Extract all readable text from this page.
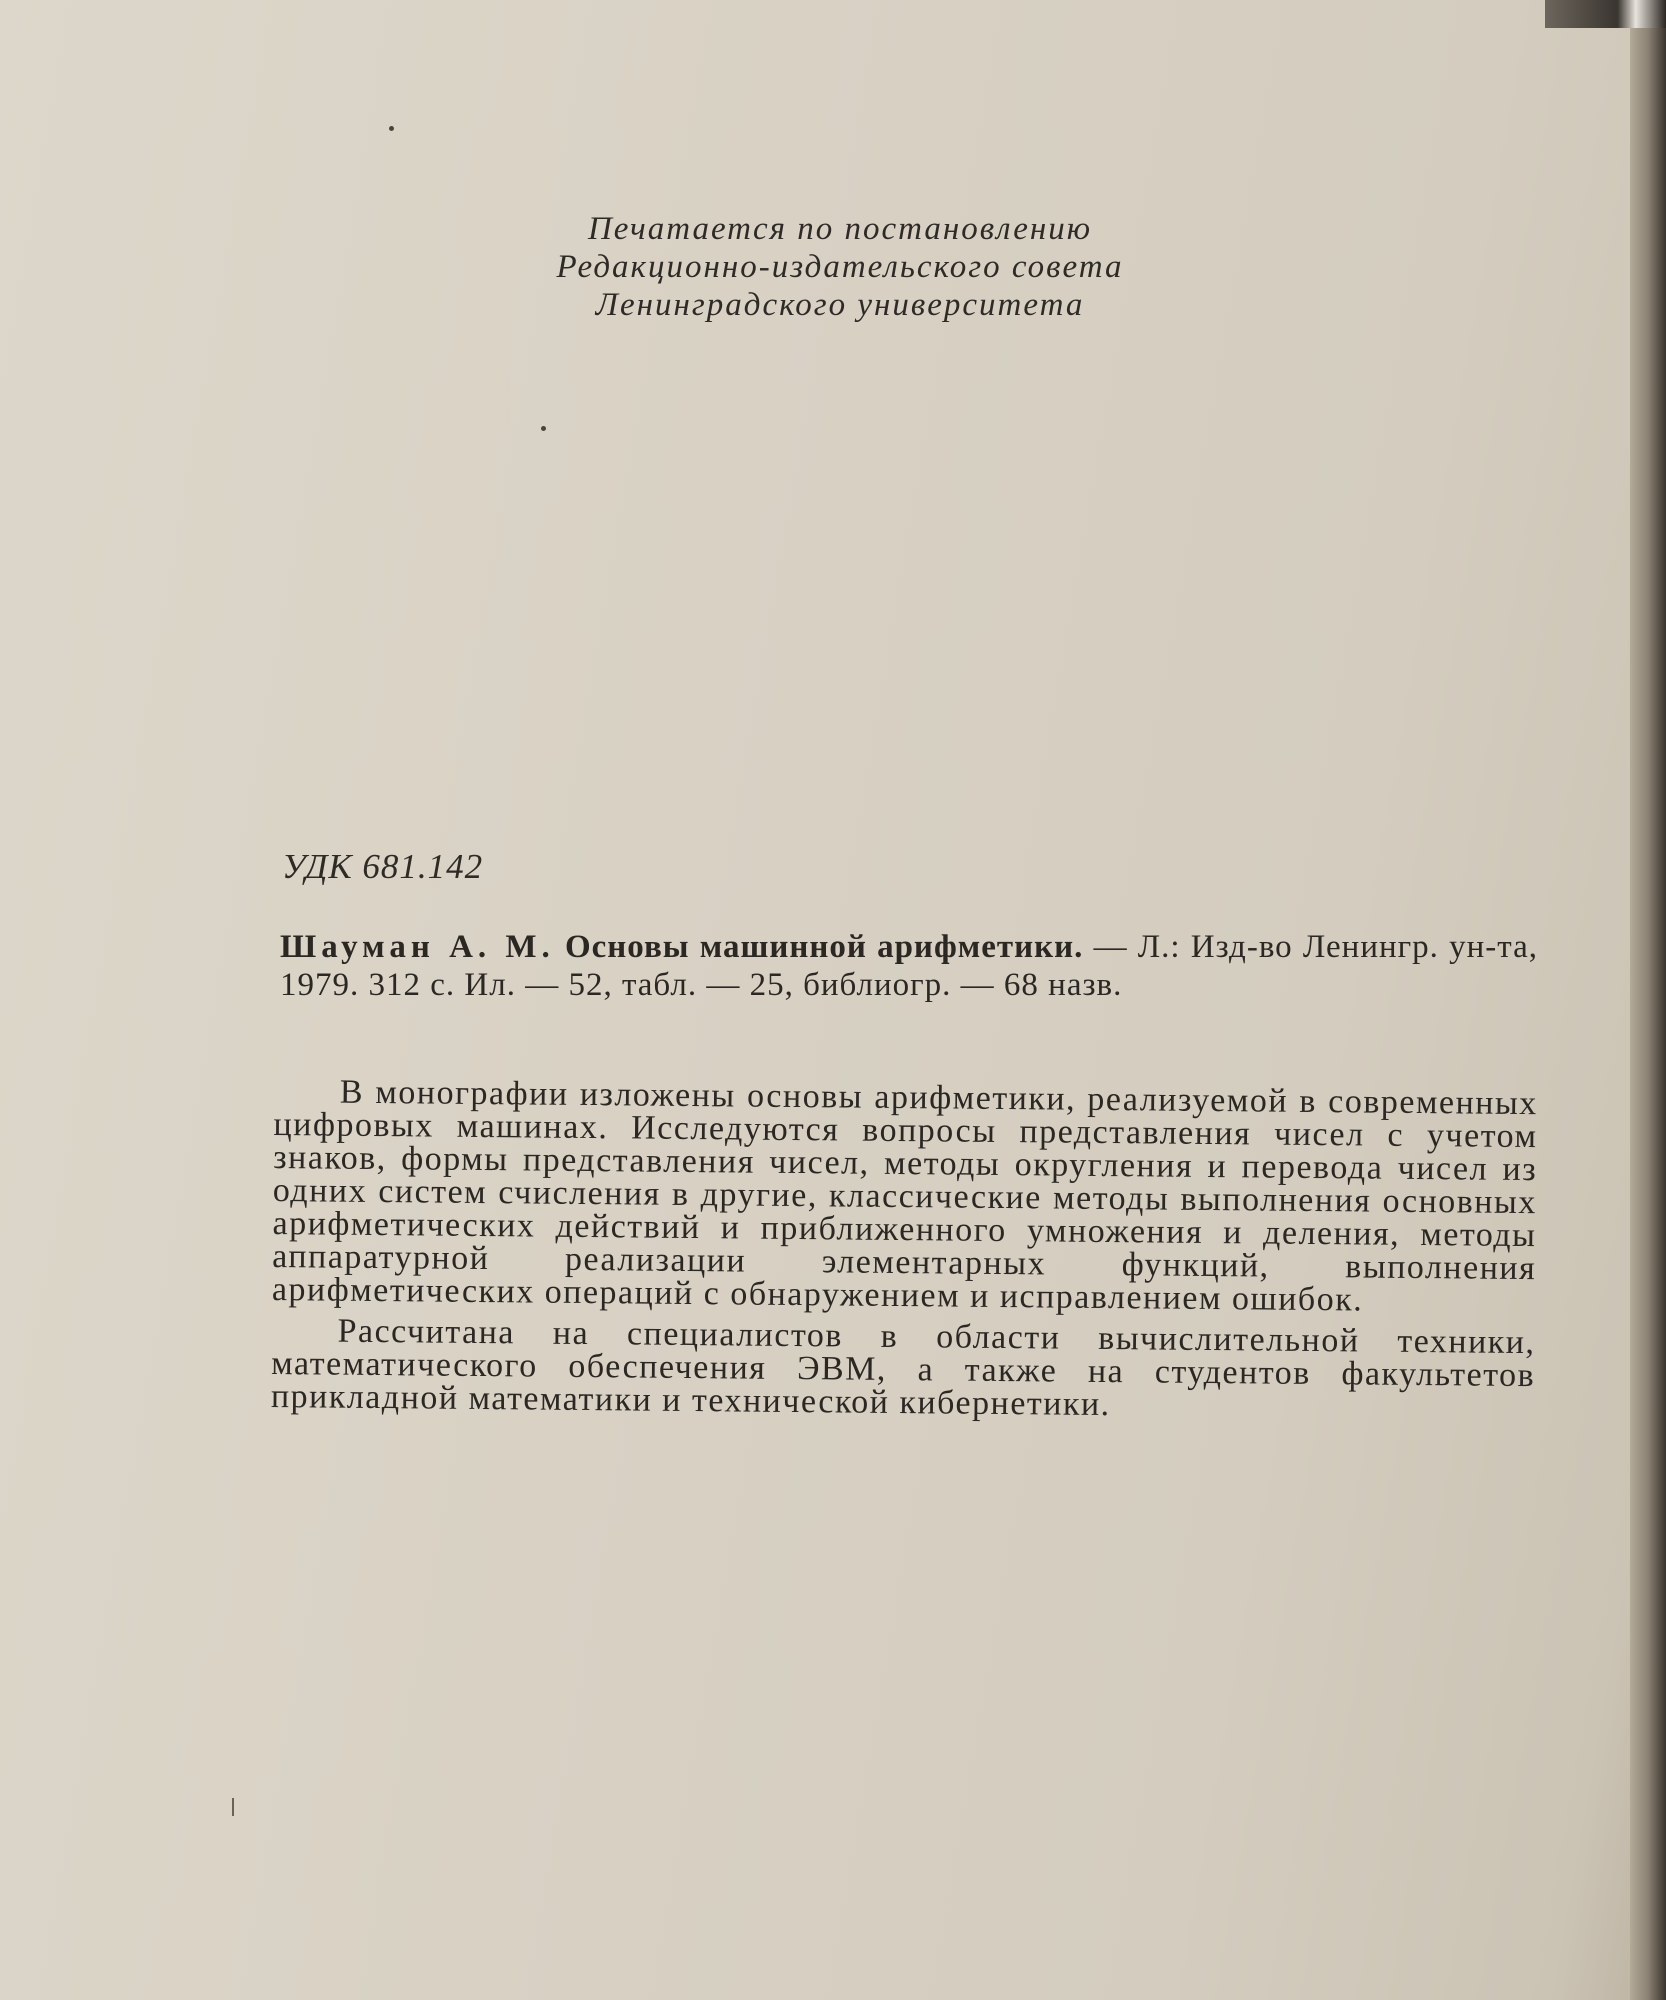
Печатается по постановлению
Редакционно-издательского совета
Ленинградского университета
УДК 681.142
Шауман А. М. Основы машинной арифметики. — Л.: Изд-во Ленингр. ун-та, 1979. 312 с. Ил. — 52, табл. — 25, библиогр. — 68 назв.

В монографии изложены основы арифметики, реализуемой в современных цифровых машинах. Исследуются вопросы представления чисел с учетом знаков, формы представления чисел, методы округления и перевода чисел из одних систем счисления в другие, классические методы выполнения основных арифметических действий и приближенного умножения и деления, методы аппаратурной реализации элементарных функций, выполнения арифметических операций с обнаружением и исправлением ошибок.

Рассчитана на специалистов в области вычислительной техники, математического обеспечения ЭВМ, а также на студентов факультетов прикладной математики и технической кибернетики.
